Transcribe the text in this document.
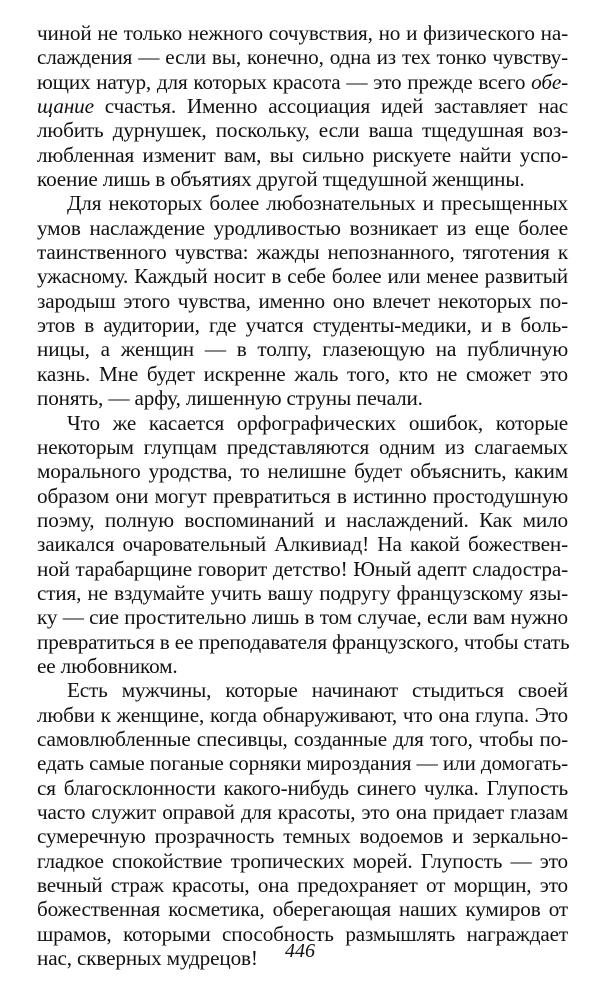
чиной не только нежного сочувствия, но и физического на-
слаждения — если вы, конечно, одна из тех тонко чувству-
ющих натур, для которых красота — это прежде всего обе-
щание счастья. Именно ассоциация идей заставляет нас
любить дурнушек, поскольку, если ваша тщедушная воз-
любленная изменит вам, вы сильно рискуете найти успо-
коение лишь в объятиях другой тщедушной женщины.
Для некоторых более любознательных и пресыщенных
умов наслаждение уродливостью возникает из еще более
таинственного чувства: жажды непознанного, тяготения к
ужасному. Каждый носит в себе более или менее развитый
зародыш этого чувства, именно оно влечет некоторых по-
этов в аудитории, где учатся студенты-медики, и в боль-
ницы, а женщин — в толпу, глазеющую на публичную
казнь. Мне будет искренне жаль того, кто не сможет это
понять, — арфу, лишенную струны печали.
Что же касается орфографических ошибок, которые
некоторым глупцам представляются одним из слагаемых
морального уродства, то нелишне будет объяснить, каким
образом они могут превратиться в истинно простодушную
поэму, полную воспоминаний и наслаждений. Как мило
заикался очаровательный Алкивиад! На какой божествен-
ной тарабарщине говорит детство! Юный адепт сладостра-
стия, не вздумайте учить вашу подругу французскому язы-
ку — сие простительно лишь в том случае, если вам нужно
превратиться в ее преподавателя французского, чтобы стать
ее любовником.
Есть мужчины, которые начинают стыдиться своей
любви к женщине, когда обнаруживают, что она глупа. Это
самовлюбленные спесивцы, созданные для того, чтобы по-
едать самые поганые сорняки мироздания — или домогать-
ся благосклонности какого-нибудь синего чулка. Глупость
часто служит оправой для красоты, это она придает глазам
сумеречную прозрачность темных водоемов и зеркально-
гладкое спокойствие тропических морей. Глупость — это
вечный страж красоты, она предохраняет от морщин, это
божественная косметика, оберегающая наших кумиров от
шрамов, которыми способность размышлять награждает
нас, скверных мудрецов!	446
